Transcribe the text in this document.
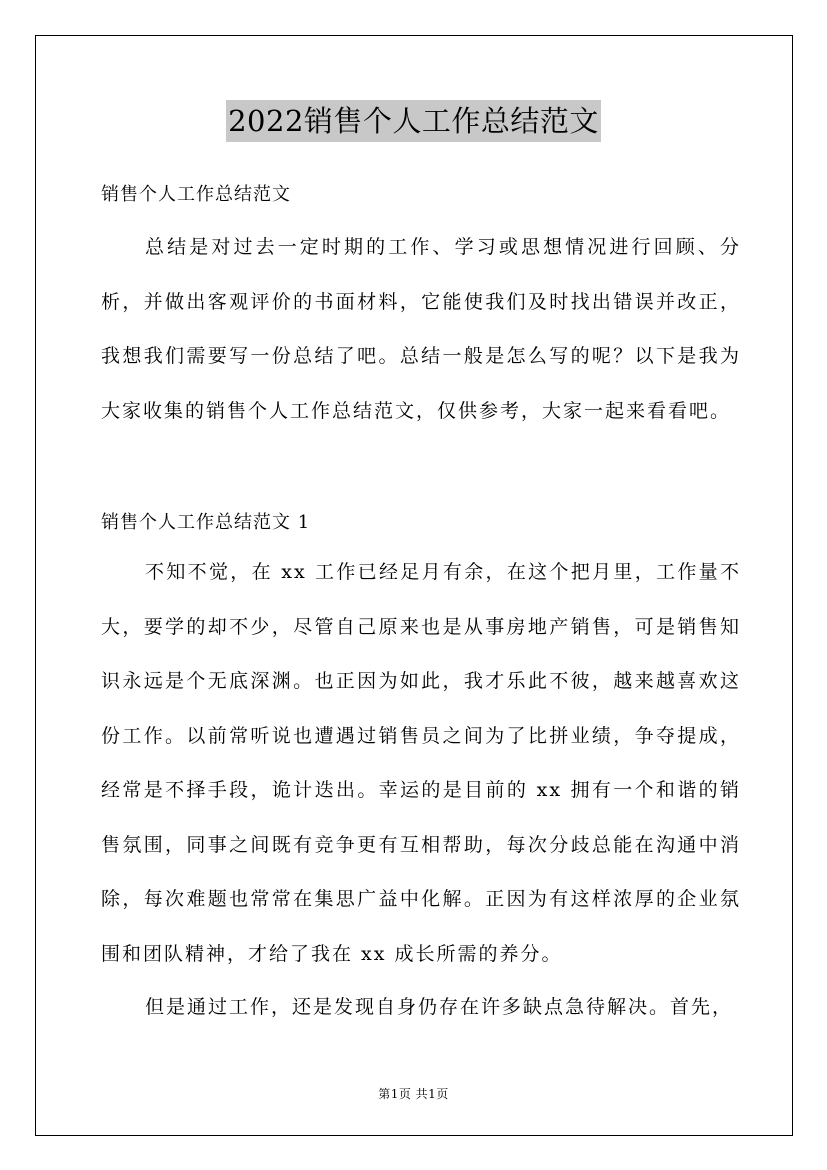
2022销售个人工作总结范文
销售个人工作总结范文

总结是对过去一定时期的工作、学习或思想情况进行回顾、分析，并做出客观评价的书面材料，它能使我们及时找出错误并改正，我想我们需要写一份总结了吧。总结一般是怎么写的呢？以下是我为大家收集的销售个人工作总结范文，仅供参考，大家一起来看看吧。

销售个人工作总结范文 1

不知不觉，在 xx 工作已经足月有余，在这个把月里，工作量不大，要学的却不少，尽管自己原来也是从事房地产销售，可是销售知识永远是个无底深渊。也正因为如此，我才乐此不彼，越来越喜欢这份工作。以前常听说也遭遇过销售员之间为了比拼业绩，争夺提成，经常是不择手段，诡计迭出。幸运的是目前的 xx 拥有一个和谐的销售氛围，同事之间既有竞争更有互相帮助，每次分歧总能在沟通中消除，每次难题也常常在集思广益中化解。正因为有这样浓厚的企业氛围和团队精神，才给了我在 xx 成长所需的养分。

但是通过工作，还是发现自身仍存在许多缺点急待解决。首先，

第1页 共1页
